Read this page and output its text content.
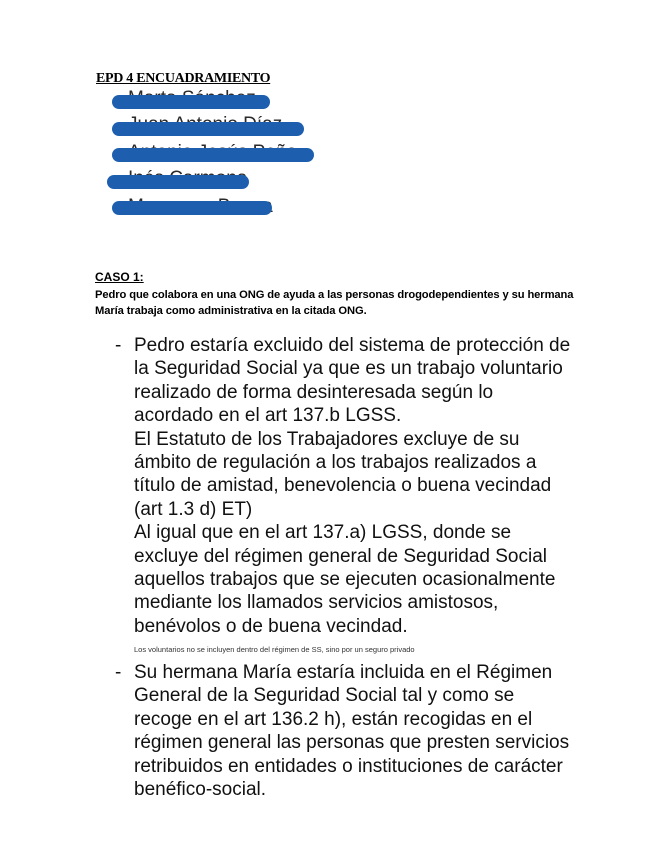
EPD 4 ENCUADRAMIENTO
CASO 1:
Pedro que colabora en una ONG de ayuda a las personas drogodependientes y su hermana María trabaja como administrativa en la citada ONG.
- Pedro estaría excluido del sistema de protección de la Seguridad Social ya que es un trabajo voluntario realizado de forma desinteresada según lo acordado en el art 137.b LGSS.

El Estatuto de los Trabajadores excluye de su ámbito de regulación a los trabajos realizados a título de amistad, benevolencia o buena vecindad (art 1.3 d) ET)

Al igual que en el art 137.a) LGSS, donde se excluye del régimen general de Seguridad Social aquellos trabajos que se ejecuten ocasionalmente mediante los llamados servicios amistosos, benévolos o de buena vecindad.

Los voluntarios no se incluyen dentro del régimen de SS, sino por un seguro privado
- Su hermana María estaría incluida en el Régimen General de la Seguridad Social tal y como se recoge en el art 136.2 h), están recogidas en el régimen general las personas que presten servicios retribuidos en entidades o instituciones de carácter benéfico-social.
